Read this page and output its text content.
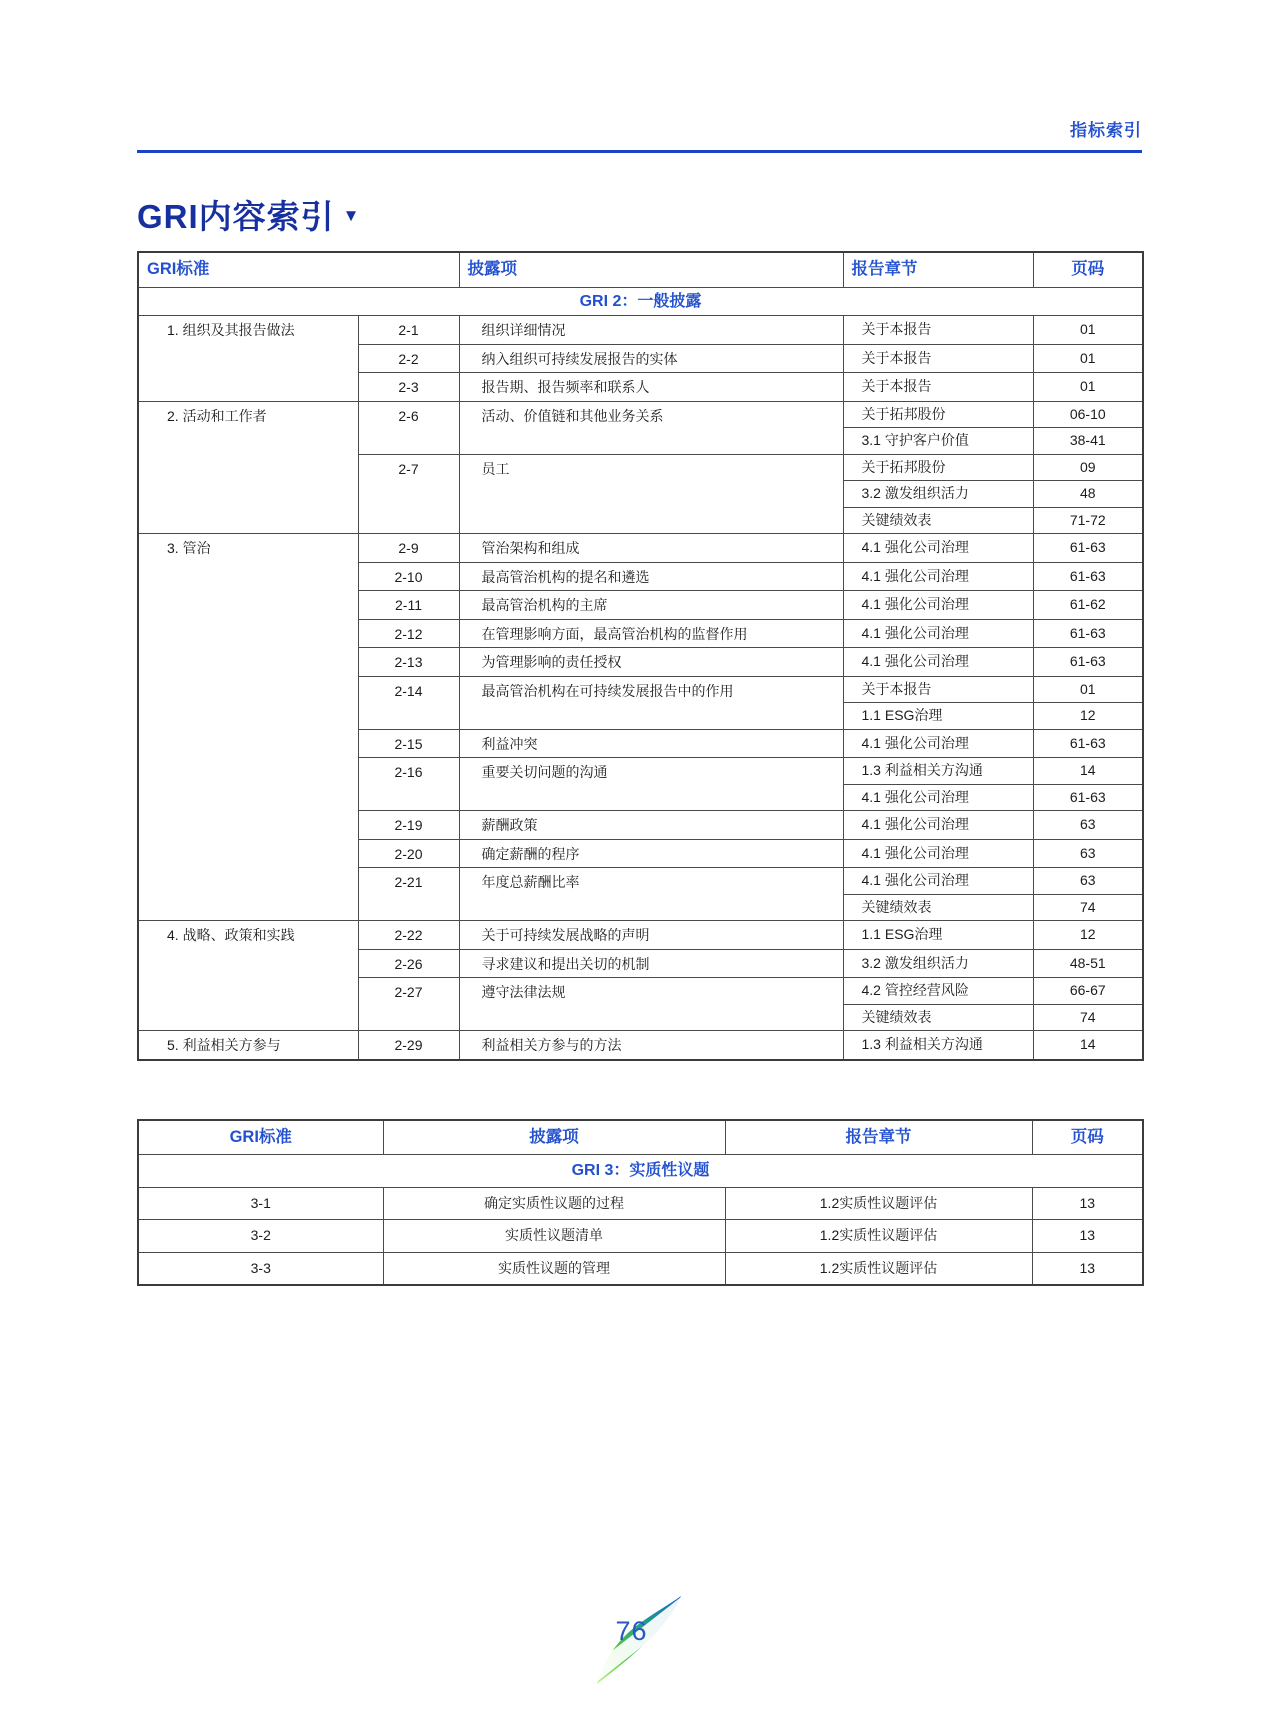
指标索引
GRI内容索引 ▼
GRI标准		披露项	报告章节	页码
GRI 2：一般披露				
1. 组织及其报告做法	2-1	组织详细情况	关于本报告	01
	2-2	纳入组织可持续发展报告的实体	关于本报告	01
	2-3	报告期、报告频率和联系人	关于本报告	01
2. 活动和工作者	2-6	活动、价值链和其他业务关系	关于拓邦股份	06-10
			3.1 守护客户价值	38-41
	2-7	员工	关于拓邦股份	09
			3.2 激发组织活力	48
			关键绩效表	71-72
3. 管治	2-9	管治架构和组成	4.1 强化公司治理	61-63
	2-10	最高管治机构的提名和遴选	4.1 强化公司治理	61-63
	2-11	最高管治机构的主席	4.1 强化公司治理	61-62
	2-12	在管理影响方面，最高管治机构的监督作用	4.1 强化公司治理	61-63
	2-13	为管理影响的责任授权	4.1 强化公司治理	61-63
	2-14	最高管治机构在可持续发展报告中的作用	关于本报告	01
			1.1 ESG治理	12
	2-15	利益冲突	4.1 强化公司治理	61-63
	2-16	重要关切问题的沟通	1.3 利益相关方沟通	14
			4.1 强化公司治理	61-63
	2-19	薪酬政策	4.1 强化公司治理	63
	2-20	确定薪酬的程序	4.1 强化公司治理	63
	2-21	年度总薪酬比率	4.1 强化公司治理	63
			关键绩效表	74
4. 战略、政策和实践	2-22	关于可持续发展战略的声明	1.1 ESG治理	12
	2-26	寻求建议和提出关切的机制	3.2 激发组织活力	48-51
	2-27	遵守法律法规	4.2 管控经营风险	66-67
			关键绩效表	74
5. 利益相关方参与	2-29	利益相关方参与的方法	1.3 利益相关方沟通	14
GRI标准	披露项	报告章节	页码
GRI 3：实质性议题			
3-1	确定实质性议题的过程	1.2实质性议题评估	13
3-2	实质性议题清单	1.2实质性议题评估	13
3-3	实质性议题的管理	1.2实质性议题评估	13
76
